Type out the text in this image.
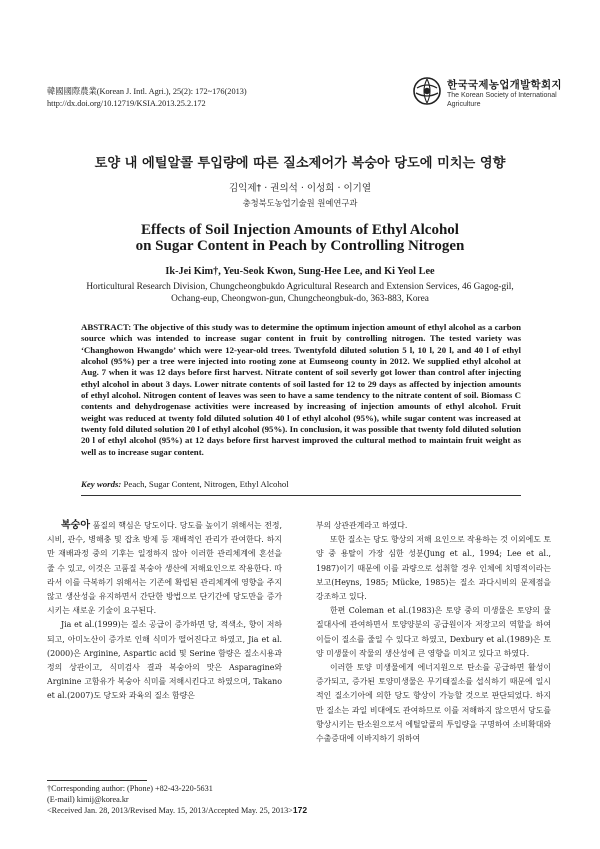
韓國國際農業(Korean J. Intl. Agri.), 25(2): 172~176(2013)
http://dx.doi.org/10.12719/KSIA.2013.25.2.172
한국국제농업개발학회지
The Korean Society of International
Agriculture
토양 내 에틸알콜 투입량에 따른 질소제어가 복숭아 당도에 미치는 영향
김익제† · 권의석 · 이성희 · 이기열
충청북도농업기술원 원예연구과
Effects of Soil Injection Amounts of Ethyl Alcohol
on Sugar Content in Peach by Controlling Nitrogen
Ik-Jei Kim†, Yeu-Seok Kwon, Sung-Hee Lee, and Ki Yeol Lee
Horticultural Research Division, Chungcheongbukdo Agricultural Research and Extension Services, 46 Gagog-gil, Ochang-eup, Cheongwon-gun, Chungcheongbuk-do, 363-883, Korea
ABSTRACT: The objective of this study was to determine the optimum injection amount of ethyl alcohol as a carbon source which was intended to increase sugar content in fruit by controlling nitrogen. The tested variety was ‘Changhowon Hwangdo’ which were 12-year-old trees. Twentyfold diluted solution 5 l, 10 l, 20 l, and 40 l of ethyl alcohol (95%) per a tree were injected into rooting zone at Eumseong county in 2012. We supplied ethyl alcohol at Aug. 7 when it was 12 days before first harvest. Nitrate content of soil severly got lower than control after injecting ethyl alcohol in about 3 days. Lower nitrate contents of soil lasted for 12 to 29 days as affected by injection amounts of ethyl alcohol. Nitrogen content of leaves was seen to have a same tendency to the nitrate content of soil. Biomass C contents and dehydrogenase activities were increased by increasing of injection amounts of ethyl alcohol. Fruit weight was reduced at twenty fold diluted solution 40 l of ethyl alcohol (95%), while sugar content was increased at twenty fold diluted solution 20 l of ethyl alcohol (95%). In conclusion, it was possible that twenty fold diluted solution 20 l of ethyl alcohol (95%) at 12 days before first harvest improved the cultural method to maintain fruit weight as well as to increase sugar content.
Key words: Peach, Sugar Content, Nitrogen, Ethyl Alcohol

복숭아 품질의 핵심은 당도이다. 당도를 높이기 위해서는 전정, 시비, 관수, 병해충 및 잡초 방제 등 재배적인 관리가 관여한다. 하지만 재배과정 중의 기후는 일정하지 않아 이러한 관리체계에 혼선을 줄 수 있고, 이것은 고품질 복숭아 생산에 저해요인으로 작용한다. 따라서 이를 극복하기 위해서는 기존에 확립된 관리체계에 영향을 주지 않고 생산성을 유지하면서 간단한 방법으로 단기간에 당도만을 증가시키는 새로운 기술이 요구된다.

Jia et al.(1999)는 질소 공급이 증가하면 당, 적색소, 향이 저하되고, 아미노산이 증가로 인해 식미가 떨어진다고 하였고, Jia et al.(2000)은 Arginine, Aspartic acid 및 Serine 함량은 질소시용과 정의 상관이고, 식미검사 결과 복숭아의 맛은 Asparagine와 Arginine 고함유가 복숭아 식미를 저해시킨다고 하였으며, Takano et al.(2007)도 당도와 과육의 질소 함량은

부의 상관관계라고 하였다.

또한 질소는 당도 향상의 저해 요인으로 작용하는 것 이외에도 토양 중 용탈이 가장 심한 성분(Jung et al., 1994; Lee et al., 1987)이기 때문에 이를 과량으로 섭취할 경우 인체에 치명적이라는 보고(Heyns, 1985; Mücke, 1985)는 질소 과다시비의 문제점을 강조하고 있다.

한편 Coleman et al.(1983)은 토양 중의 미생물은 토양의 물질대사에 관여하면서 토양양분의 공급원이자 저장고의 역할을 하여 이들이 질소를 줄일 수 있다고 하였고, Dexbury et al.(1989)은 토양 미생물이 작물의 생산성에 큰 영향을 미치고 있다고 하였다.

이러한 토양 미생물에게 에너지원으로 탄소를 공급하면 활성이 증가되고, 증가된 토양미생물은 무기태질소를 섭식하기 때문에 일시적인 질소기아에 의한 당도 향상이 가능할 것으로 판단되었다. 하지만 질소는 과일 비대에도 관여하므로 이를 저해하지 않으면서 당도를 향상시키는 탄소원으로서 에틸알콜의 투입량을 구명하여 소비확대와 수출증대에 이바지하기 위하여

†Corresponding author: (Phone) +82-43-220-5631
(E-mail) kimij@korea.kr
<Received Jan. 28, 2013/Revised May. 15, 2013/Accepted May. 25, 2013> 172
